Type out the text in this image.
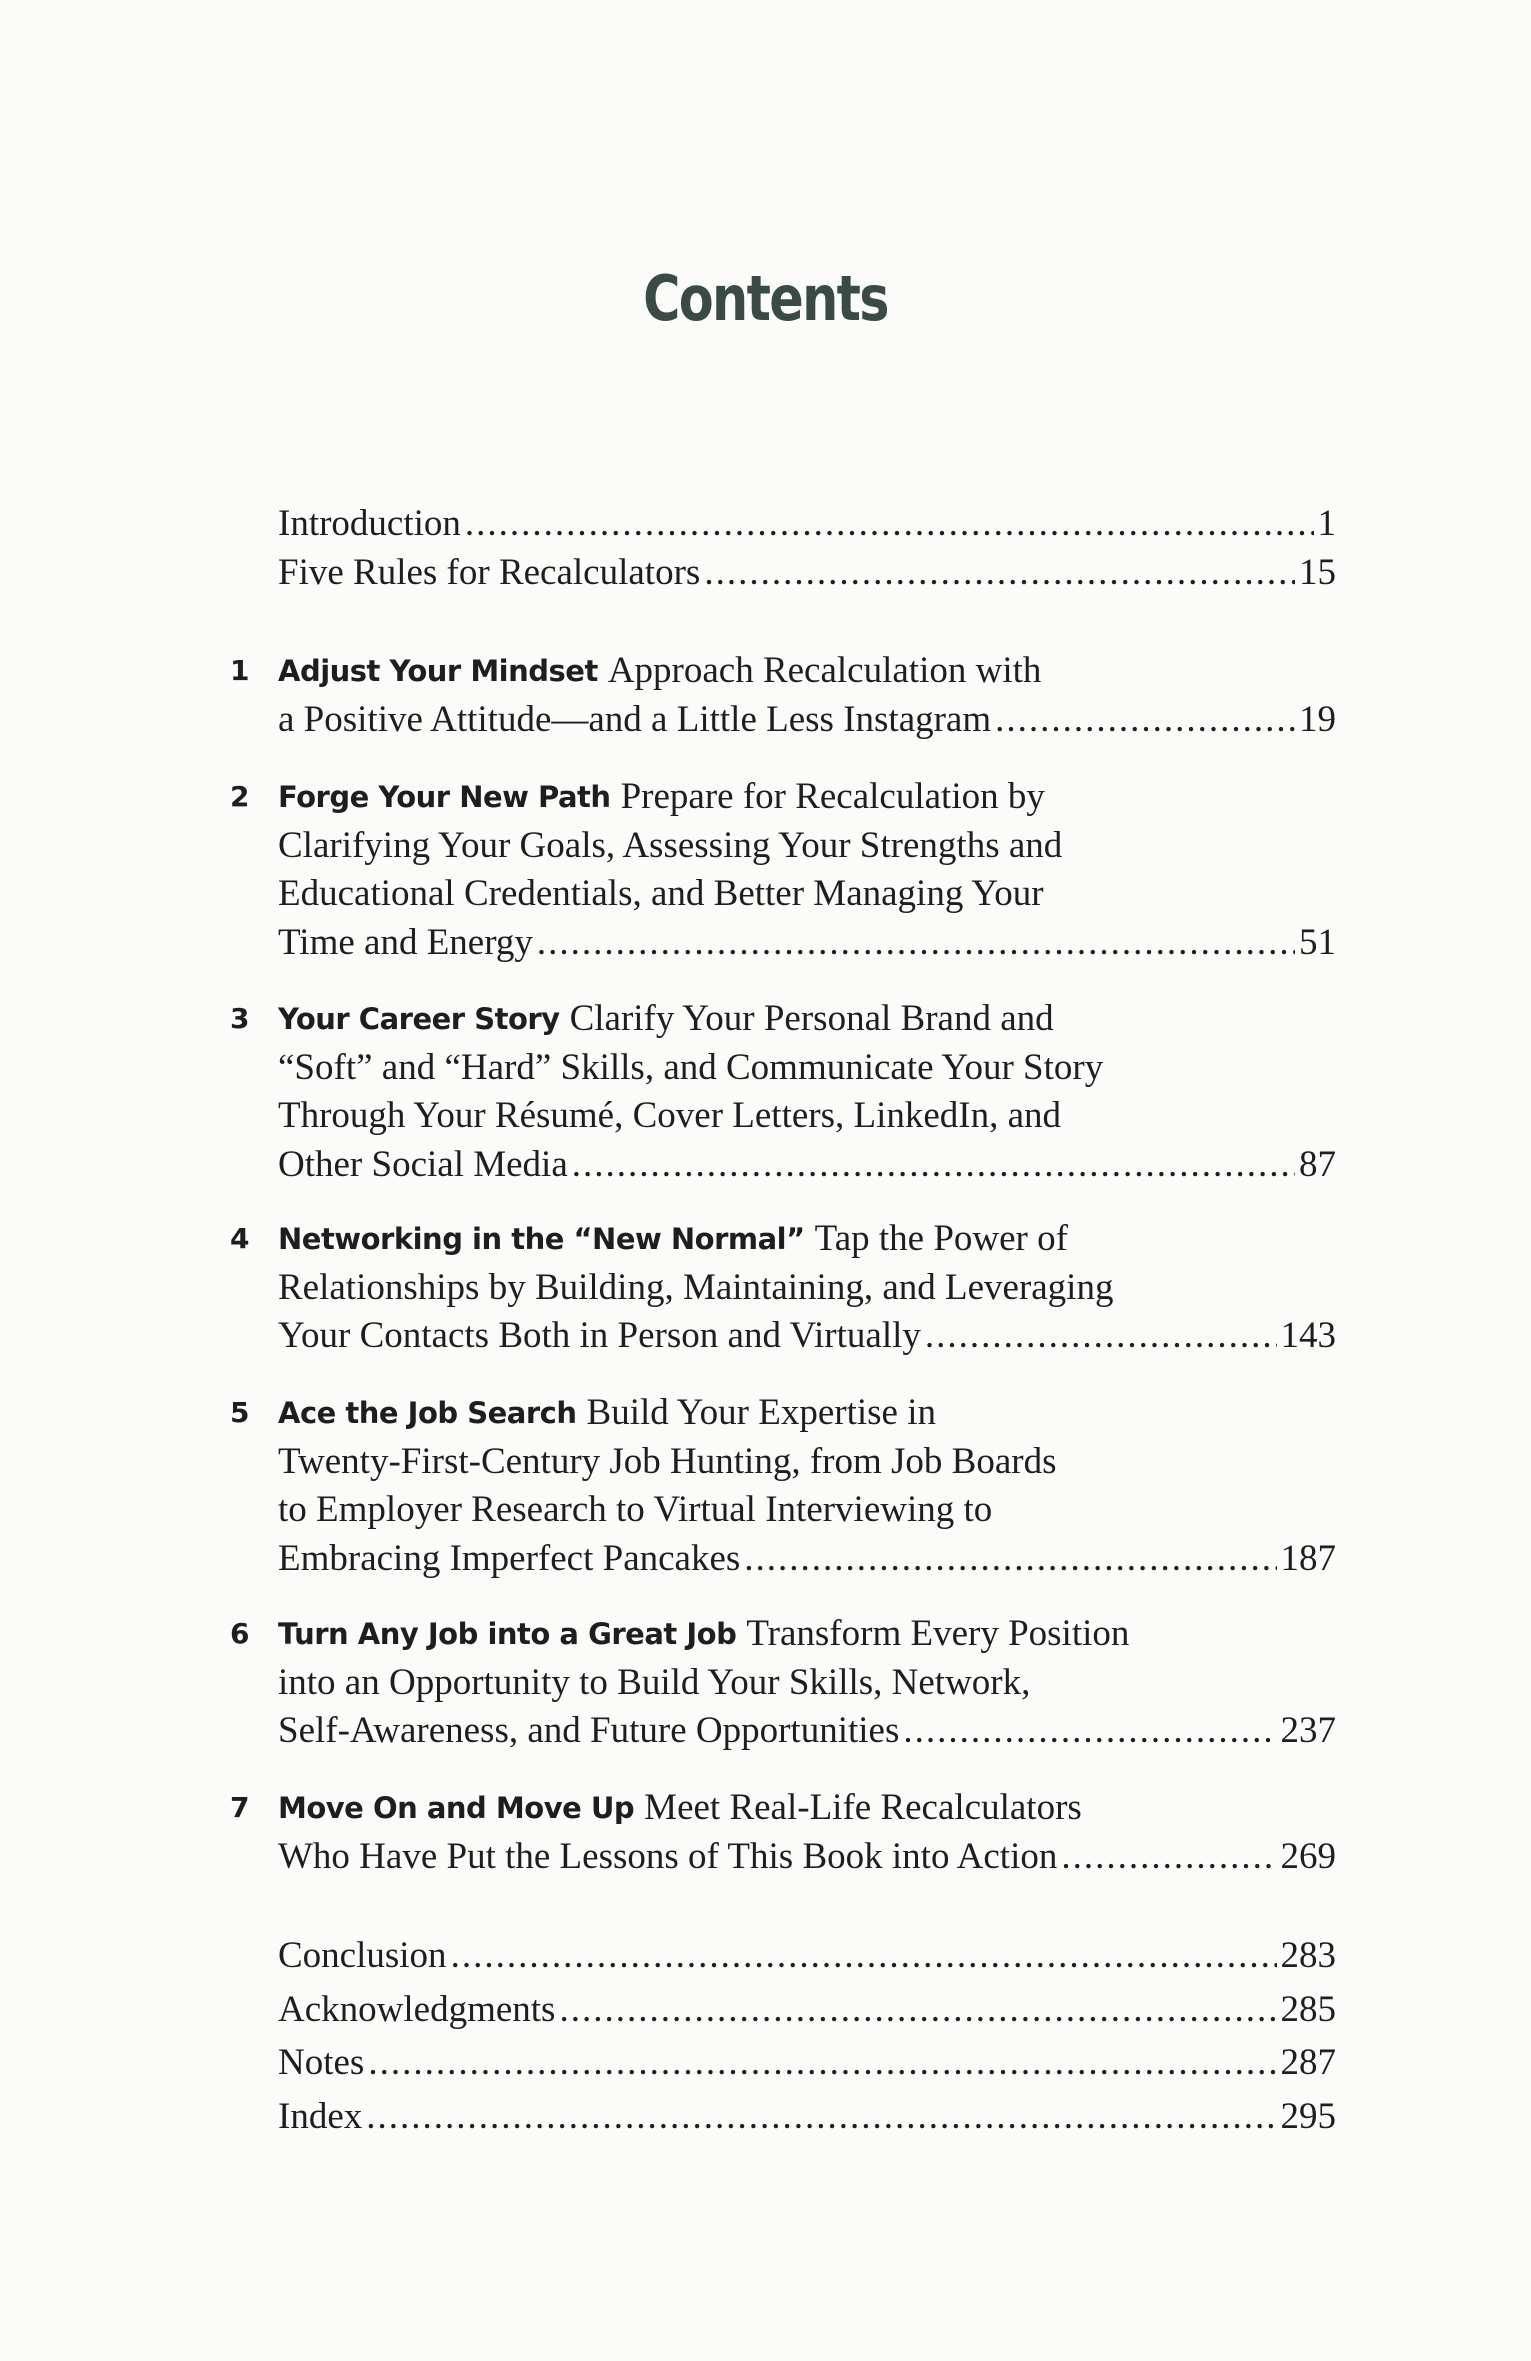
Contents
Introduction .....	1
Five Rules for Recalculators .....	15
1 Adjust Your Mindset Approach Recalculation with
a Positive Attitude—and a Little Less Instagram .....	19
2 Forge Your New Path Prepare for Recalculation by
Clarifying Your Goals, Assessing Your Strengths and
Educational Credentials, and Better Managing Your
Time and Energy .....	51
3 Your Career Story Clarify Your Personal Brand and
“Soft” and “Hard” Skills, and Communicate Your Story
Through Your Résumé, Cover Letters, LinkedIn, and
Other Social Media .....	87
4 Networking in the “New Normal” Tap the Power of
Relationships by Building, Maintaining, and Leveraging
Your Contacts Both in Person and Virtually .....	143
5 Ace the Job Search Build Your Expertise in
Twenty-First-Century Job Hunting, from Job Boards
to Employer Research to Virtual Interviewing to
Embracing Imperfect Pancakes .....	187
6 Turn Any Job into a Great Job Transform Every Position
into an Opportunity to Build Your Skills, Network,
Self-Awareness, and Future Opportunities .....	237
7 Move On and Move Up Meet Real-Life Recalculators
Who Have Put the Lessons of This Book into Action .....	269
Conclusion .....	283
Acknowledgments .....	285
Notes .....	287
Index .....	295
